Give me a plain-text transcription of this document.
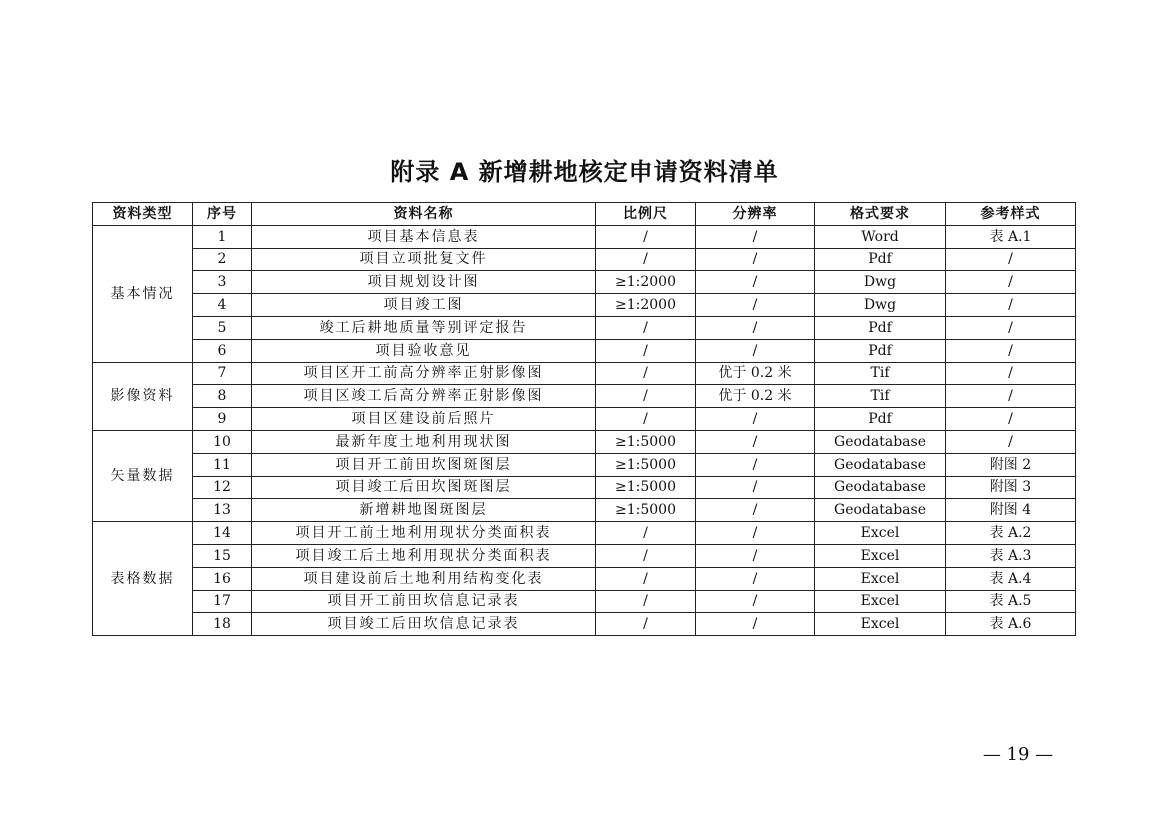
附录 A 新增耕地核定申请资料清单
资料类型	序号	资料名称	比例尺	分辨率	格式要求	参考样式
基本情况	1	项目基本信息表	/	/	Word	表 A.1
	2	项目立项批复文件	/	/	Pdf	/
	3	项目规划设计图	≥1:2000	/	Dwg	/
	4	项目竣工图	≥1:2000	/	Dwg	/
	5	竣工后耕地质量等别评定报告	/	/	Pdf	/
	6	项目验收意见	/	/	Pdf	/
影像资料	7	项目区开工前高分辨率正射影像图	/	优于 0.2 米	Tif	/
	8	项目区竣工后高分辨率正射影像图	/	优于 0.2 米	Tif	/
	9	项目区建设前后照片	/	/	Pdf	/
矢量数据	10	最新年度土地利用现状图	≥1:5000	/	Geodatabase	/
	11	项目开工前田坎图斑图层	≥1:5000	/	Geodatabase	附图 2
	12	项目竣工后田坎图斑图层	≥1:5000	/	Geodatabase	附图 3
	13	新增耕地图斑图层	≥1:5000	/	Geodatabase	附图 4
表格数据	14	项目开工前土地利用现状分类面积表	/	/	Excel	表 A.2
	15	项目竣工后土地利用现状分类面积表	/	/	Excel	表 A.3
	16	项目建设前后土地利用结构变化表	/	/	Excel	表 A.4
	17	项目开工前田坎信息记录表	/	/	Excel	表 A.5
	18	项目竣工后田坎信息记录表	/	/	Excel	表 A.6
— 19 —
